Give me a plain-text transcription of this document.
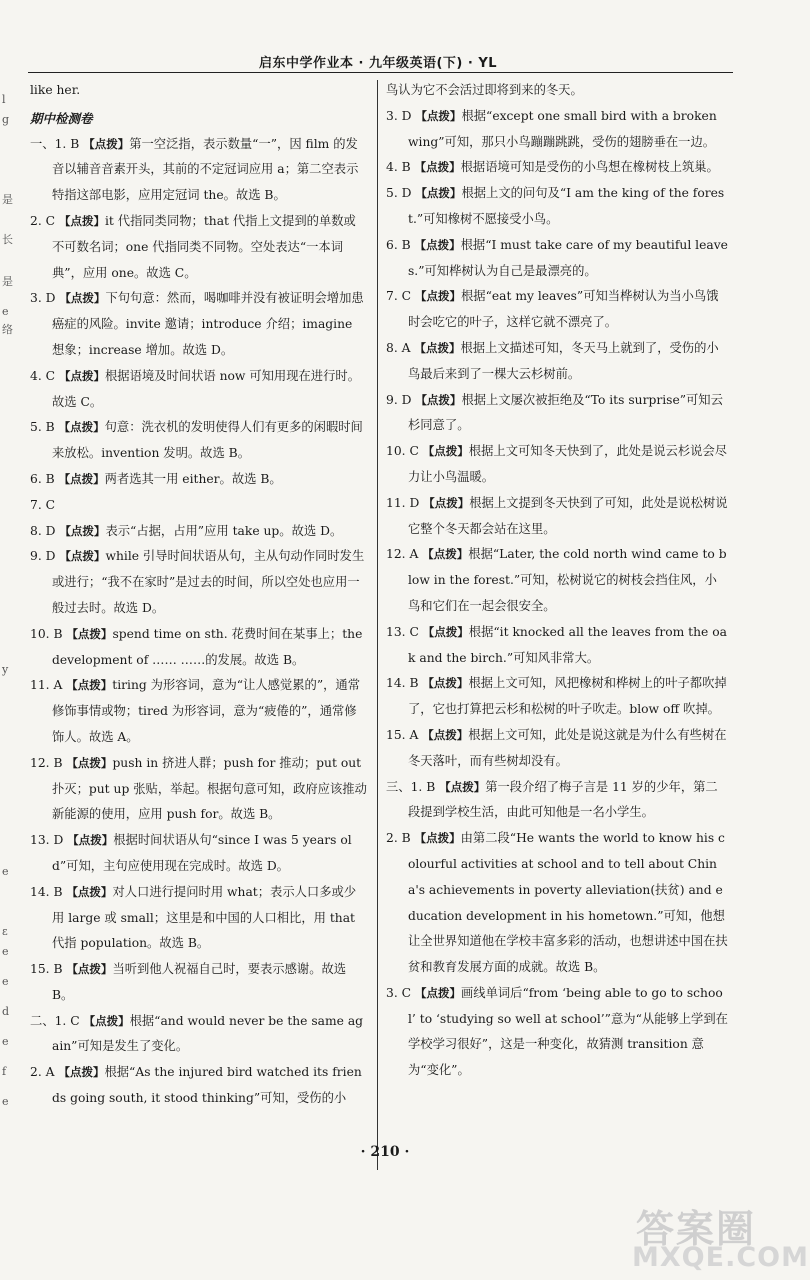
启东中学作业本 · 九年级英语(下) · YL
l
g
是
长
是
e
络
y
e
ε
e
e
d
e
f
e

like her.

期中检测卷

一、1. B 【点拨】第一空泛指，表示数量“一”，因 film 的发音以辅音音素开头，其前的不定冠词应用 a；第二空表示特指这部电影，应用定冠词 the。故选 B。

2. C 【点拨】it 代指同类同物；that 代指上文提到的单数或不可数名词；one 代指同类不同物。空处表达“一本词典”，应用 one。故选 C。

3. D 【点拨】下句句意：然而，喝咖啡并没有被证明会增加患癌症的风险。invite 邀请；introduce 介绍；imagine 想象；increase 增加。故选 D。

4. C 【点拨】根据语境及时间状语 now 可知用现在进行时。故选 C。

5. B 【点拨】句意：洗衣机的发明使得人们有更多的闲暇时间来放松。invention 发明。故选 B。

6. B 【点拨】两者选其一用 either。故选 B。

7. C

8. D 【点拨】表示“占据，占用”应用 take up。故选 D。

9. D 【点拨】while 引导时间状语从句，主从句动作同时发生或进行；“我不在家时”是过去的时间，所以空处也应用一般过去时。故选 D。

10. B 【点拨】spend time on sth. 花费时间在某事上；the development of …… ……的发展。故选 B。

11. A 【点拨】tiring 为形容词，意为“让人感觉累的”，通常修饰事情或物；tired 为形容词，意为“疲倦的”，通常修饰人。故选 A。

12. B 【点拨】push in 挤进人群；push for 推动；put out 扑灭；put up 张贴，举起。根据句意可知，政府应该推动新能源的使用，应用 push for。故选 B。

13. D 【点拨】根据时间状语从句“since I was 5 years old”可知，主句应使用现在完成时。故选 D。

14. B 【点拨】对人口进行提问时用 what；表示人口多或少用 large 或 small；这里是和中国的人口相比，用 that 代指 population。故选 B。

15. B 【点拨】当听到他人祝福自己时，要表示感谢。故选 B。

二、1. C 【点拨】根据“and would never be the same again”可知是发生了变化。

2. A 【点拨】根据“As the injured bird watched its friends going south, it stood thinking”可知，受伤的小

鸟认为它不会活过即将到来的冬天。

3. D 【点拨】根据“except one small bird with a broken wing”可知，那只小鸟蹦蹦跳跳，受伤的翅膀垂在一边。

4. B 【点拨】根据语境可知是受伤的小鸟想在橡树枝上筑巢。

5. D 【点拨】根据上文的问句及“I am the king of the forest.”可知橡树不愿接受小鸟。

6. B 【点拨】根据“I must take care of my beautiful leaves.”可知桦树认为自己是最漂亮的。

7. C 【点拨】根据“eat my leaves”可知当桦树认为当小鸟饿时会吃它的叶子，这样它就不漂亮了。

8. A 【点拨】根据上文描述可知，冬天马上就到了，受伤的小鸟最后来到了一棵大云杉树前。

9. D 【点拨】根据上文屡次被拒绝及“To its surprise”可知云杉同意了。

10. C 【点拨】根据上文可知冬天快到了，此处是说云杉说会尽力让小鸟温暖。

11. D 【点拨】根据上文提到冬天快到了可知，此处是说松树说它整个冬天都会站在这里。

12. A 【点拨】根据“Later, the cold north wind came to blow in the forest.”可知，松树说它的树枝会挡住风，小鸟和它们在一起会很安全。

13. C 【点拨】根据“it knocked all the leaves from the oak and the birch.”可知风非常大。

14. B 【点拨】根据上文可知，风把橡树和桦树上的叶子都吹掉了，它也打算把云杉和松树的叶子吹走。blow off 吹掉。

15. A 【点拨】根据上文可知，此处是说这就是为什么有些树在冬天落叶，而有些树却没有。

三、1. B 【点拨】第一段介绍了梅子言是 11 岁的少年，第二段提到学校生活，由此可知他是一名小学生。

2. B 【点拨】由第二段“He wants the world to know his colourful activities at school and to tell about China's achievements in poverty alleviation(扶贫) and education development in his hometown.”可知，他想让全世界知道他在学校丰富多彩的活动，也想讲述中国在扶贫和教育发展方面的成就。故选 B。

3. C 【点拨】画线单词后“from ‘being able to go to school’ to ‘studying so well at school’”意为“从能够上学到在学校学习很好”，这是一种变化，故猜测 transition 意为“变化”。

· 210 ·
答案圈
MXQE.COM
